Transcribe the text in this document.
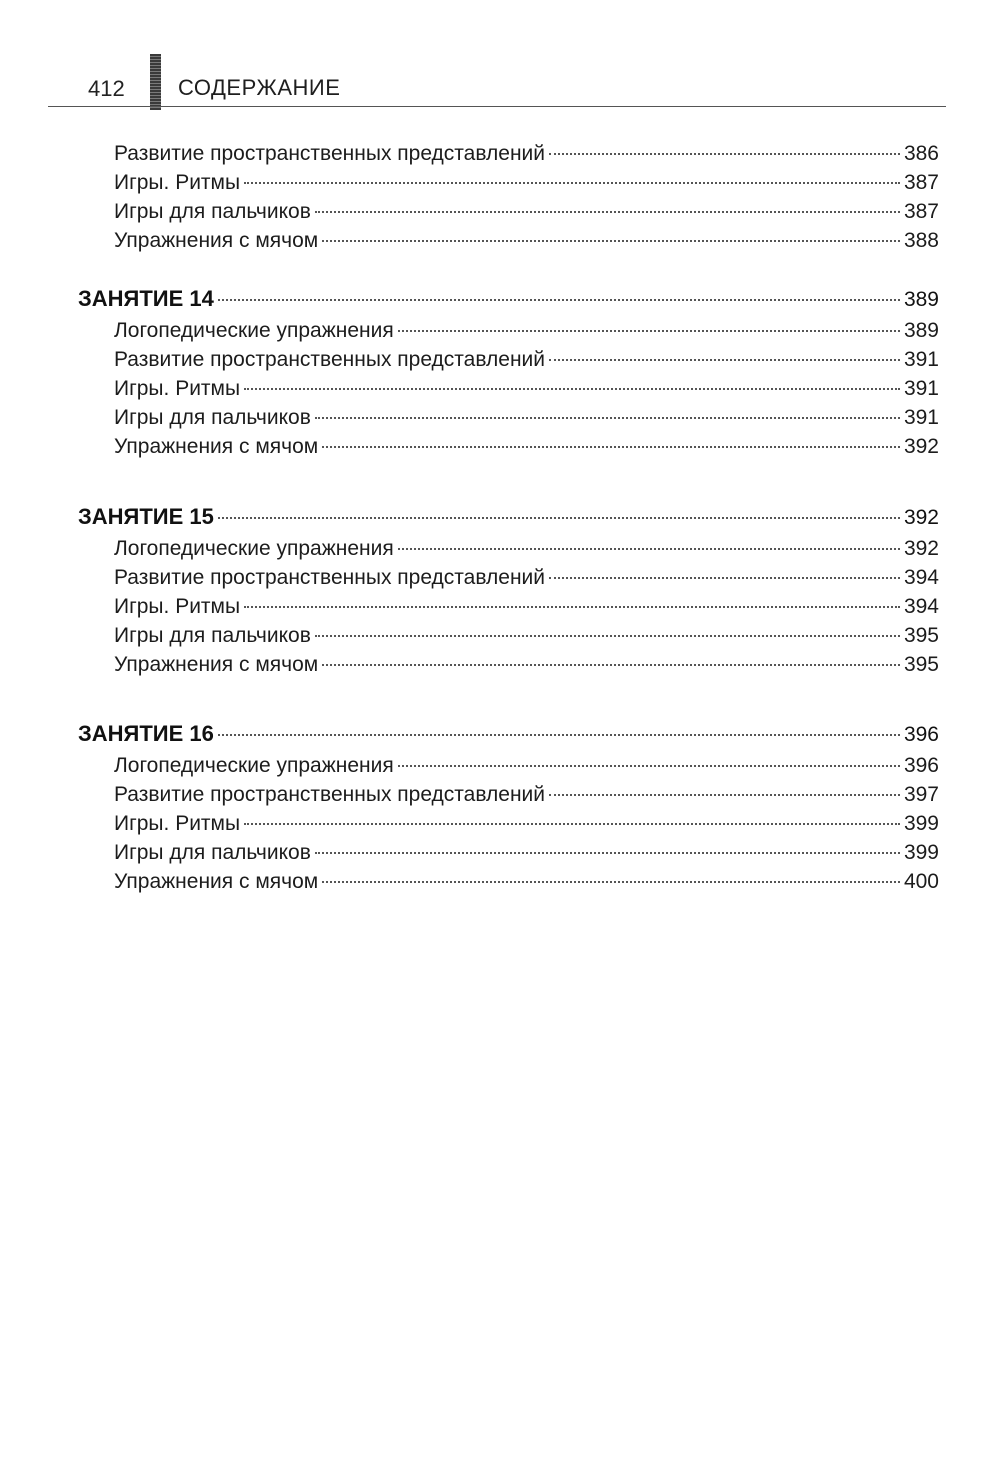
412 СОДЕРЖАНИЕ
Развитие пространственных представлений	386
Игры. Ритмы	387
Игры для пальчиков	387
Упражнения с мячом	388
ЗАНЯТИЕ 14	389
Логопедические упражнения	389
Развитие пространственных представлений	391
Игры. Ритмы	391
Игры для пальчиков	391
Упражнения с мячом	392
ЗАНЯТИЕ 15	392
Логопедические упражнения	392
Развитие пространственных представлений	394
Игры. Ритмы	394
Игры для пальчиков	395
Упражнения с мячом	395
ЗАНЯТИЕ 16	396
Логопедические упражнения	396
Развитие пространственных представлений	397
Игры. Ритмы	399
Игры для пальчиков	399
Упражнения с мячом	400
